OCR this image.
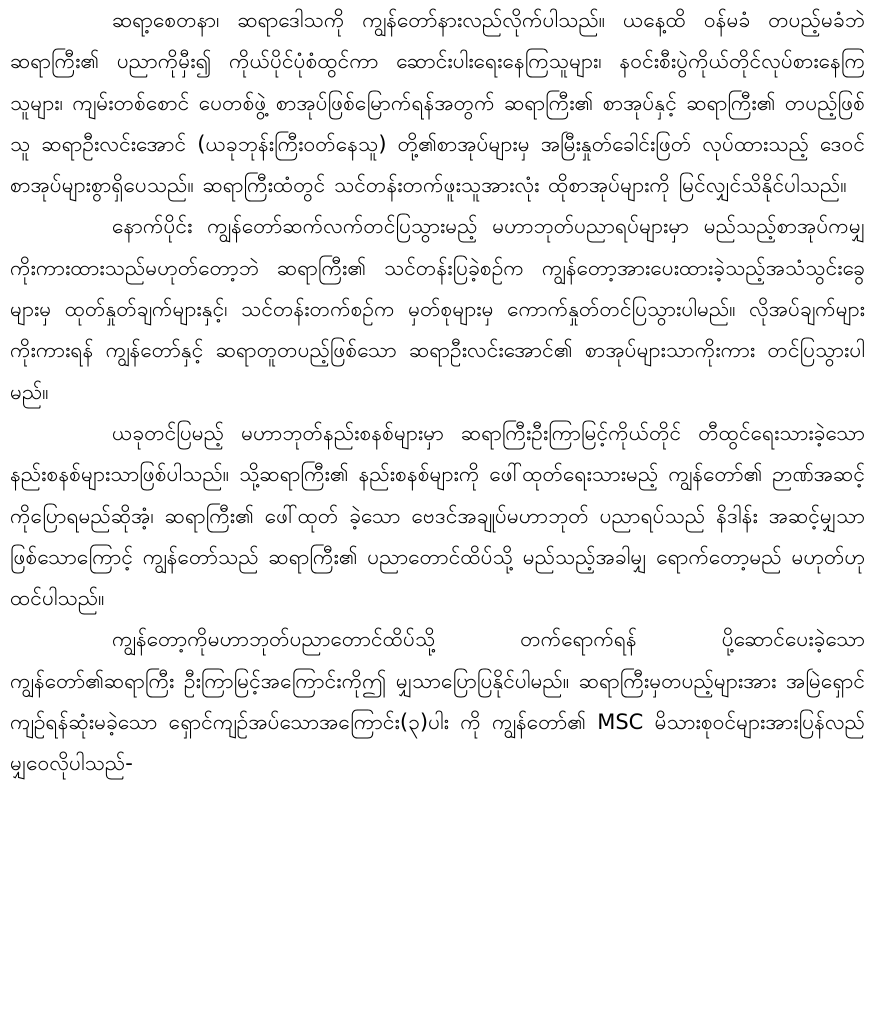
ဆရာ့စေတနာ၊ ဆရာဒေါသကို ကျွန်တော်နားလည်လိုက်ပါသည်။ ယနေ့ထိ ဝန်မခံ တပည့်မခံဘဲ ဆရာကြီး၏ ပညာကိုမှီး၍ ကိုယ်ပိုင်ပုံစံထွင်ကာ ဆောင်းပါးရေးနေကြသူများ၊ နဝင်းစီးပွဲကိုယ်တိုင်လုပ်စားနေကြသူများ၊ ကျမ်းတစ်စောင် ပေတစ်ဖွဲ့ စာအုပ်ဖြစ်မြောက်ရန်အတွက် ဆရာကြီး၏ စာအုပ်နှင့် ဆရာကြီး၏ တပည့်ဖြစ်သူ ဆရာဦးလင်းအောင် (ယခုဘုန်းကြီးဝတ်နေသူ) တို့၏စာအုပ်များမှ အမြီးနှုတ်ခေါင်းဖြတ် လုပ်ထားသည့် ဒေဝင်စာအုပ်များစွာရှိပေသည်။ ဆရာကြီးထံတွင် သင်တန်းတက်ဖူးသူအားလုံး ထိုစာအုပ်များကို မြင်လျှင်သိနိုင်ပါသည်။

နောက်ပိုင်း ကျွန်တော်ဆက်လက်တင်ပြသွားမည့် မဟာဘုတ်ပညာရပ်များမှာ မည်သည့်စာအုပ်ကမျှကိုးကားထားသည်မဟုတ်တော့ဘဲ ဆရာကြီး၏ သင်တန်းပြခဲ့စဉ်က ကျွန်တော့အားပေးထားခဲ့သည့်အသံသွင်းခွေများမှ ထုတ်နှုတ်ချက်များနှင့်၊ သင်တန်းတက်စဉ်က မှတ်စုများမှ ကောက်နှုတ်တင်ပြသွားပါမည်။ လိုအပ်ချက်များကိုးကားရန် ကျွန်တော်နှင့် ဆရာတူတပည့်ဖြစ်သော ဆရာဦးလင်းအောင်၏ စာအုပ်များသာကိုးကား တင်ပြသွားပါမည်။

ယခုတင်ပြမည့် မဟာဘုတ်နည်းစနစ်များမှာ ဆရာကြီးဦးကြာမြင့်ကိုယ်တိုင် တီထွင်ရေးသားခဲ့သောနည်းစနစ်များသာဖြစ်ပါသည်။ သို့ဆရာကြီး၏ နည်းစနစ်များကို ဖေါ်ထုတ်ရေးသားမည့် ကျွန်တော်၏ ဉာဏ်အဆင့်ကိုပြောရမည်ဆိုအံ့၊ ဆရာကြီး၏ ဖေါ်ထုတ် ခဲ့သော ဗေဒင်အချုပ်မဟာဘုတ် ပညာရပ်သည် နိဒါန်း အဆင့်မျှသာဖြစ်သောကြောင့် ကျွန်တော်သည် ဆရာကြီး၏ ပညာတောင်ထိပ်သို့ မည်သည့်အခါမျှ ရောက်တော့မည် မဟုတ်ဟုထင်ပါသည်။

ကျွန်တော့ကိုမဟာဘုတ်ပညာတောင်ထိပ်သို့ တက်ရောက်ရန် ပို့ဆောင်ပေးခဲ့သောကျွန်တော်၏ဆရာကြီး ဦးကြာမြင့်အကြောင်းကိုဤ မျှသာပြောပြနိုင်ပါမည်။ ဆရာကြီးမှတပည့်များအား အမြဲရှောင်ကျဉ်ရန်ဆုံးမခဲ့သော ရှောင်ကျဉ်အပ်သောအကြောင်း(၃)ပါး ကို ကျွန်တော်၏ MSC မိသားစုဝင်များအားပြန်လည်မျှဝေလိုပါသည်-
